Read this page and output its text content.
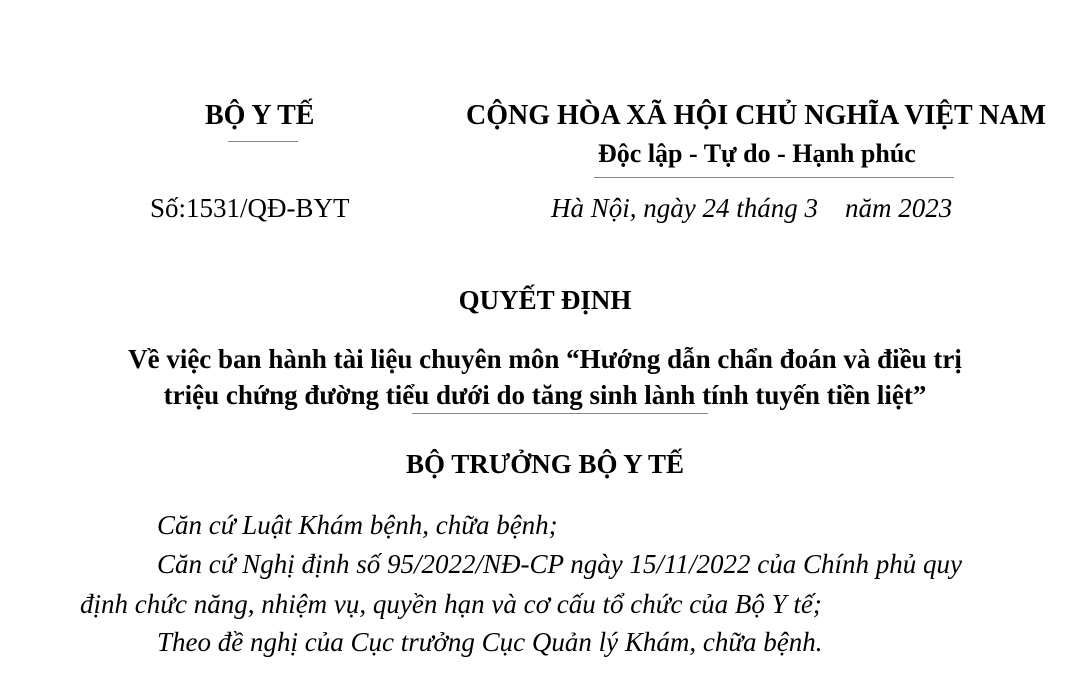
BỘ Y TẾ	CỘNG HÒA XÃ HỘI CHỦ NGHĨA VIỆT NAM
Độc lập - Tự do - Hạnh phúc
Số:1531/QĐ-BYT	Hà Nội, ngày 24 tháng 3    năm 2023
QUYẾT ĐỊNH
Về việc ban hành tài liệu chuyên môn “Hướng dẫn chẩn đoán và điều trị
triệu chứng đường tiểu dưới do tăng sinh lành tính tuyến tiền liệt”
BỘ TRƯỞNG BỘ Y TẾ
Căn cứ Luật Khám bệnh, chữa bệnh;
Căn cứ Nghị định số 95/2022/NĐ-CP ngày 15/11/2022 của Chính phủ quy
định chức năng, nhiệm vụ, quyền hạn và cơ cấu tổ chức của Bộ Y tế;
Theo đề nghị của Cục trưởng Cục Quản lý Khám, chữa bệnh.
